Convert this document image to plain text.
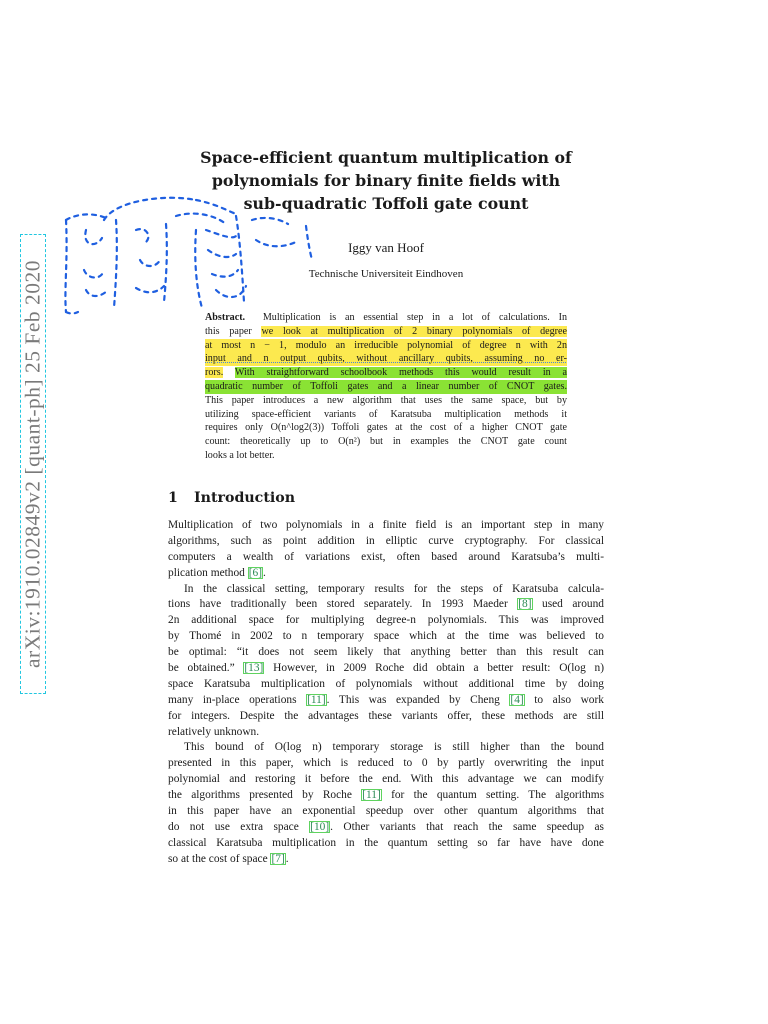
arXiv:1910.02849v2 [quant-ph] 25 Feb 2020
Space-efficient quantum multiplication of
polynomials for binary finite fields with
sub-quadratic Toffoli gate count
Iggy van Hoof
Technische Universiteit Eindhoven
Abstract. Multiplication is an essential step in a lot of calculations. In
this paper we look at multiplication of 2 binary polynomials of degree
at most n − 1, modulo an irreducible polynomial of degree n with 2n
input and n output qubits, without ancillary qubits, assuming no er-
rors. With straightforward schoolbook methods this would result in a
quadratic number of Toffoli gates and a linear number of CNOT gates.
This paper introduces a new algorithm that uses the same space, but by
utilizing space-efficient variants of Karatsuba multiplication methods it
requires only O(n^log2(3)) Toffoli gates at the cost of a higher CNOT gate
count: theoretically up to O(n²) but in examples the CNOT gate count
looks a lot better.
1 Introduction
Multiplication of two polynomials in a finite field is an important step in many
algorithms, such as point addition in elliptic curve cryptography. For classical
computers a wealth of variations exist, often based around Karatsuba’s multi-
plication method [6].
In the classical setting, temporary results for the steps of Karatsuba calcula-
tions have traditionally been stored separately. In 1993 Maeder [8] used around
2n additional space for multiplying degree-n polynomials. This was improved
by Thomé in 2002 to n temporary space which at the time was believed to
be optimal: “it does not seem likely that anything better than this result can
be obtained.” [13] However, in 2009 Roche did obtain a better result: O(log n)
space Karatsuba multiplication of polynomials without additional time by doing
many in-place operations [11]. This was expanded by Cheng [4] to also work
for integers. Despite the advantages these variants offer, these methods are still
relatively unknown.
This bound of O(log n) temporary storage is still higher than the bound
presented in this paper, which is reduced to 0 by partly overwriting the input
polynomial and restoring it before the end. With this advantage we can modify
the algorithms presented by Roche [11] for the quantum setting. The algorithms
in this paper have an exponential speedup over other quantum algorithms that
do not use extra space [10]. Other variants that reach the same speedup as
classical Karatsuba multiplication in the quantum setting so far have have done
so at the cost of space [7].
